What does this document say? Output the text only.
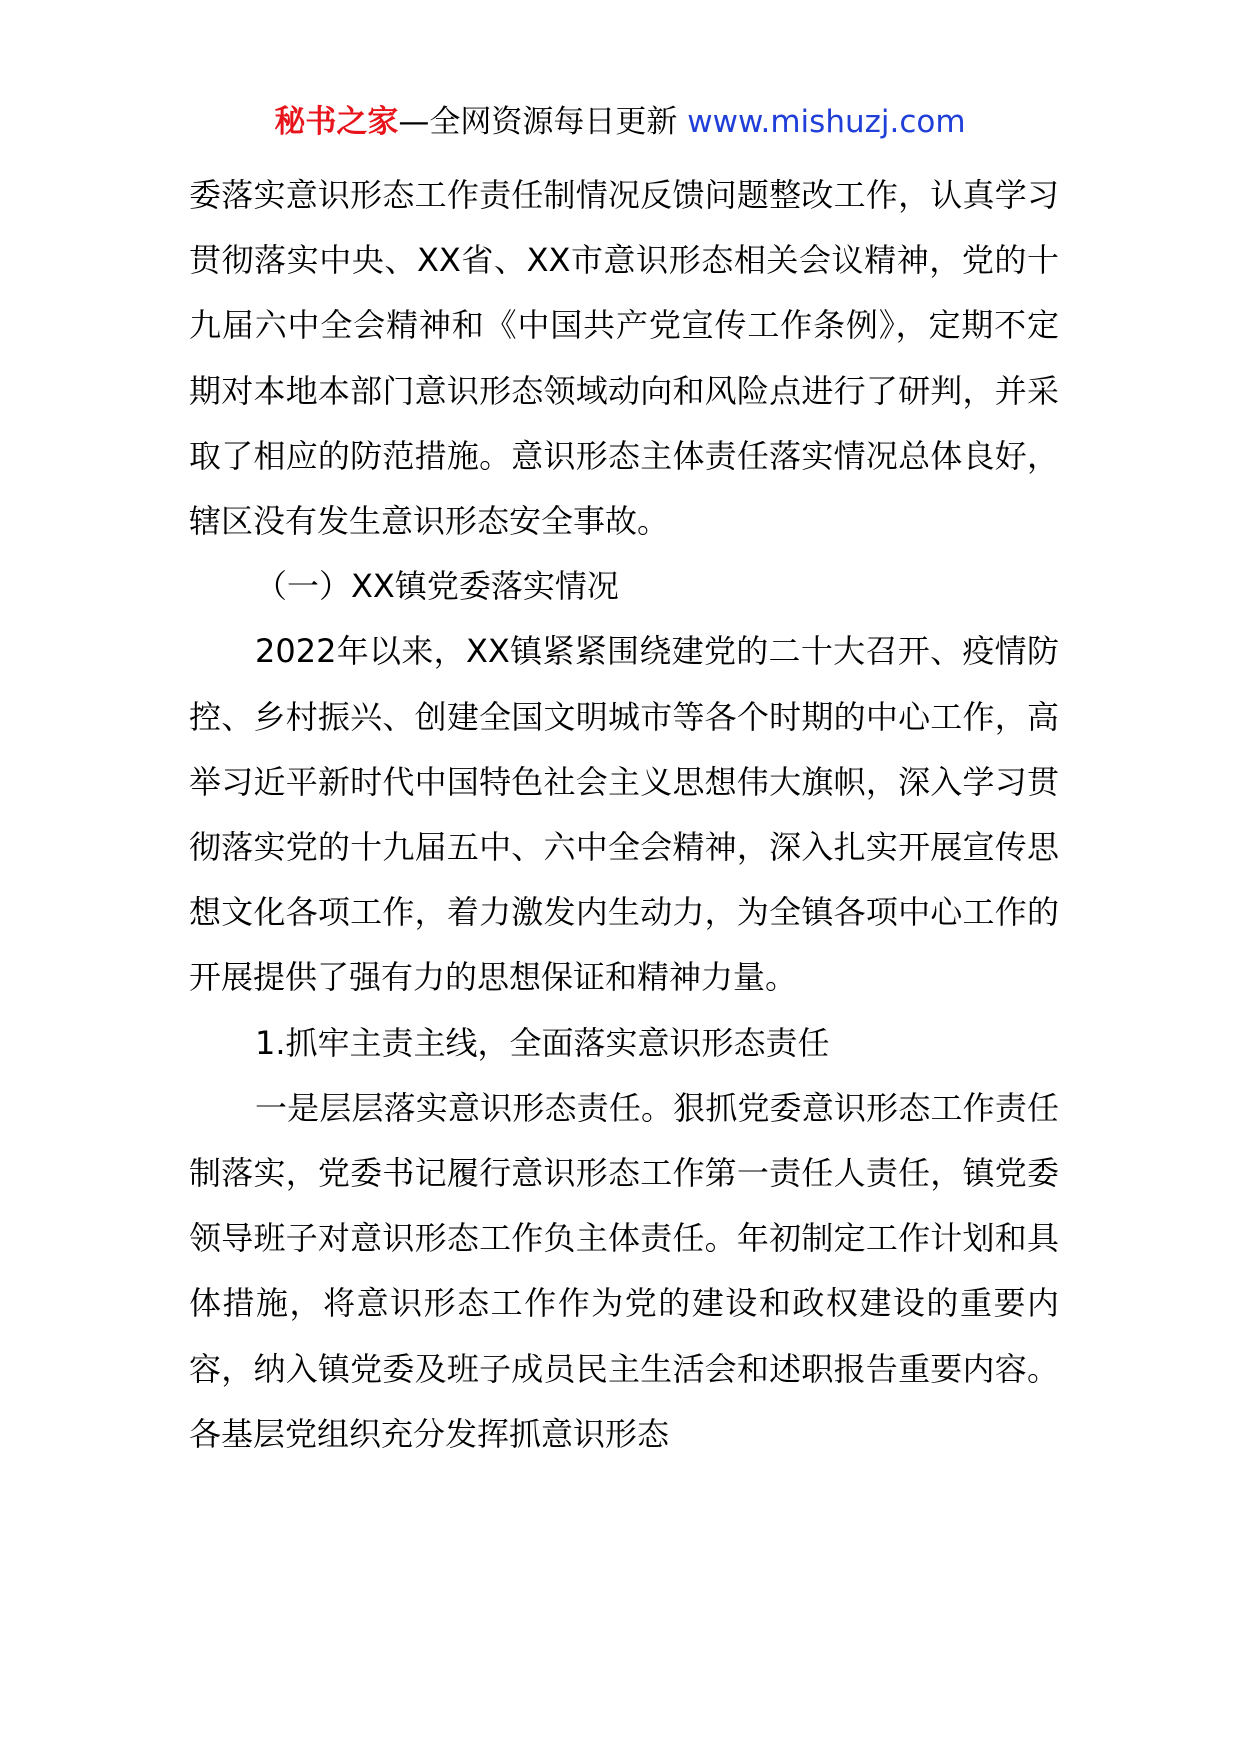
秘书之家—全网资源每日更新 www.mishuzj.com

委落实意识形态工作责任制情况反馈问题整改工作，认真学习贯彻落实中央、XX省、XX市意识形态相关会议精神，党的十九届六中全会精神和《中国共产党宣传工作条例》，定期不定期对本地本部门意识形态领域动向和风险点进行了研判，并采取了相应的防范措施。意识形态主体责任落实情况总体良好，辖区没有发生意识形态安全事故。

（一）XX镇党委落实情况

2022年以来，XX镇紧紧围绕建党的二十大召开、疫情防控、乡村振兴、创建全国文明城市等各个时期的中心工作，高举习近平新时代中国特色社会主义思想伟大旗帜，深入学习贯彻落实党的十九届五中、六中全会精神，深入扎实开展宣传思想文化各项工作，着力激发内生动力，为全镇各项中心工作的开展提供了强有力的思想保证和精神力量。

1.抓牢主责主线，全面落实意识形态责任

一是层层落实意识形态责任。狠抓党委意识形态工作责任制落实，党委书记履行意识形态工作第一责任人责任，镇党委领导班子对意识形态工作负主体责任。年初制定工作计划和具体措施，将意识形态工作作为党的建设和政权建设的重要内容，纳入镇党委及班子成员民主生活会和述职报告重要内容。各基层党组织充分发挥抓意识形态
